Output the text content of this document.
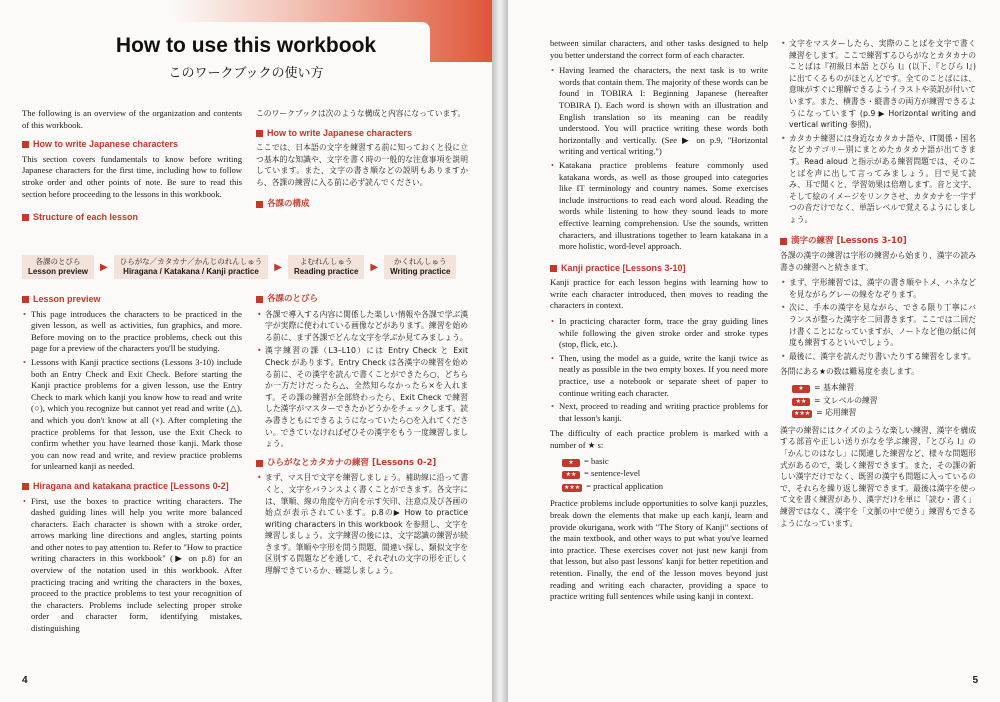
How to use this workbook
このワークブックの使い方

The following is an overview of the organization and contents of this workbook.

How to write Japanese characters

This section covers fundamentals to know before writing Japanese characters for the first time, including how to follow stroke order and other points of note. Be sure to read this section before proceeding to the lessons in this workbook.

Structure of each lesson

このワークブックは次のような構成と内容になっています。

How to write Japanese characters

ここでは、日本語の文字を練習する前に知っておくと役に立つ基本的な知識や、文字を書く時の一般的な注意事項を説明しています。また、文字の書き順などの説明もありますから、各課の練習に入る前に必ず読んでください。

各課の構成
各課のとびら
Lesson preview ▶ ひらがな／カタカナ／かんじのれんしゅう
Hiragana / Katakana / Kanji practice	▶	よむれんしゅう
Reading practice ▶	かくれんしゅう
Writing practice
Lesson preview
• This page introduces the characters to be practiced in the given lesson, as well as activities, fun graphics, and more. Before moving on to the practice problems, check out this page for a preview of the characters you'll be studying.
• Lessons with Kanji practice sections (Lessons 3-10) include both an Entry Check and Exit Check. Before starting the Kanji practice problems for a given lesson, use the Entry Check to mark which kanji you know how to read and write (○), which you recognize but cannot yet read and write (△), and which you don't know at all (×). After completing the practice problems for that lesson, use the Exit Check to confirm whether you have learned those kanji. Mark those you can now read and write, and review practice problems for unlearned kanji as needed.
Hiragana and katakana practice [Lessons 0-2]
• First, use the boxes to practice writing characters. The dashed guiding lines will help you write more balanced characters. Each character is shown with a stroke order, arrows marking line directions and angles, starting points and other notes to pay attention to. Refer to "How to practice writing characters in this workbook" (▶ on p.8) for an overview of the notation used in this workbook. After practicing tracing and writing the characters in the boxes, proceed to the practice problems to test your recognition of the characters. Problems include selecting proper stroke order and character form, identifying mistakes, distinguishing
各課のとびら
• 各課で導入する内容に関係した楽しい情報や各課で学ぶ漢字が実際に使われている画像などがあります。練習を始める前に、まず各課でどんな文字を学ぶか見てみましょう。
• 漢字練習の課（L3–L10）には Entry Check と Exit Check があります。Entry Check は各漢字の練習を始める前に、その漢字を読んで書くことができたら○、どちらか一方だけだったら△、全然知らなかったら×を入れます。その課の練習が全部終わったら、Exit Check で練習した漢字がマスターできたかどうかをチェックします。読み書きともにできるようになっていたら○を入れてください。できていなければぜひその漢字をもう一度練習しましょう。
ひらがなとカタカナの練習 [Lessons 0-2]
• まず、マス目で文字を練習しましょう。補助線に沿って書くと、文字をバランスよく書くことができます。各文字には、筆順、線の角度や方向を示す矢印、注意点及び各画の始点が表示されています。p.8の▶ How to practice writing characters in this workbook を参照し、文字を練習しましょう。文字練習の後には、文字認識の練習が続きます。筆順や字形を問う問題、間違い探し、類似文字を区別する問題などを通して、それぞれの文字の形を正しく理解できているか、確認しましょう。
4

between similar characters, and other tasks designed to help you better understand the correct form of each character.

• Having learned the characters, the next task is to write words that contain them. The majority of these words can be found in TOBIRA I: Beginning Japanese (hereafter TOBIRA I). Each word is shown with an illustration and English translation so its meaning can be readily understood. You will practice writing these words both horizontally and vertically. (See ▶ on p.9, "Horizontal writing and vertical writing.")
• Katakana practice problems feature commonly used katakana words, as well as those grouped into categories like IT terminology and country names. Some exercises include instructions to read each word aloud. Reading the words while listening to how they sound leads to more effective learning comprehension. Use the sounds, written characters, and illustrations together to learn katakana in a more holistic, word-level approach.
Kanji practice [Lessons 3-10]

Kanji practice for each lesson begins with learning how to write each character introduced, then moves to reading the characters in context.

• In practicing character form, trace the gray guiding lines while following the given stroke order and stroke types (stop, flick, etc.).
• Then, using the model as a guide, write the kanji twice as neatly as possible in the two empty boxes. If you need more practice, use a notebook or separate sheet of paper to continue writing each character.
• Next, proceed to reading and writing practice problems for that lesson's kanji.

The difficulty of each practice problem is marked with a number of ★ s:

★ = basic
★★ = sentence-level
★★★ = practical application

Practice problems include opportunities to solve kanji puzzles, break down the elements that make up each kanji, learn and provide okurigana, work with "The Story of Kanji" sections of the main textbook, and other ways to put what you've learned into practice. These exercises cover not just new kanji from that lesson, but also past lessons' kanji for better repetition and retention. Finally, the end of the lesson moves beyond just reading and writing each character, providing a space to practice writing full sentences while using kanji in context.

• 文字をマスターしたら、実際のことばを文字で書く練習をします。ここで練習するひらがなとカタカナのことばは『初級日本語 とびら I』(以下、『とびら I』) に出てくるものがほとんどです。全てのことばには、意味がすぐに理解できるようイラストや英訳が付いています。また、横書き・縦書きの両方が練習できるようになっています (p.9 ▶ Horizontal writing and vertical writing 参照)。
• カタカナ練習には身近なカタカナ語や、IT関係・国名などカテゴリー別にまとめたカタカナ語が出てきます。Read aloud と指示がある練習問題では、そのことばを声に出して言ってみましょう。目で見て読み、耳で聞くと、学習効果は倍増します。音と文字、そして絵のイメージをリンクさせ、カタカナを一字ずつの音だけでなく、単語レベルで覚えるようにしましょう。
漢字の練習 [Lessons 3-10]

各課の漢字の練習は字形の練習から始まり、漢字の読み書きの練習へと続きます。

• まず、字形練習では、漢字の書き順やトメ、ハネなどを見ながらグレーの線をなぞります。
• 次に、手本の漢字を見ながら、できる限り丁寧にバランスが整った漢字を二回書きます。ここでは二回だけ書くことになっていますが、ノートなど他の紙に何度も練習するといいでしょう。
• 最後に、漢字を読んだり書いたりする練習をします。

各問にある★の数は難易度を表します。

★ = 基本練習
★★ = 文レベルの練習
★★★ = 応用練習

漢字の練習にはクイズのような楽しい練習、漢字を構成する部首や正しい送りがなを学ぶ練習、『とびら I』の「かんじのはなし」に関連した練習など、様々な問題形式があるので、楽しく練習できます。また、その課の新しい漢字だけでなく、既習の漢字も問題に入っているので、それらを繰り返し練習できます。最後は漢字を使って文を書く練習があり、漢字だけを単に「読む・書く」練習ではなく、漢字を「文脈の中で使う」練習もできるようになっています。

5
